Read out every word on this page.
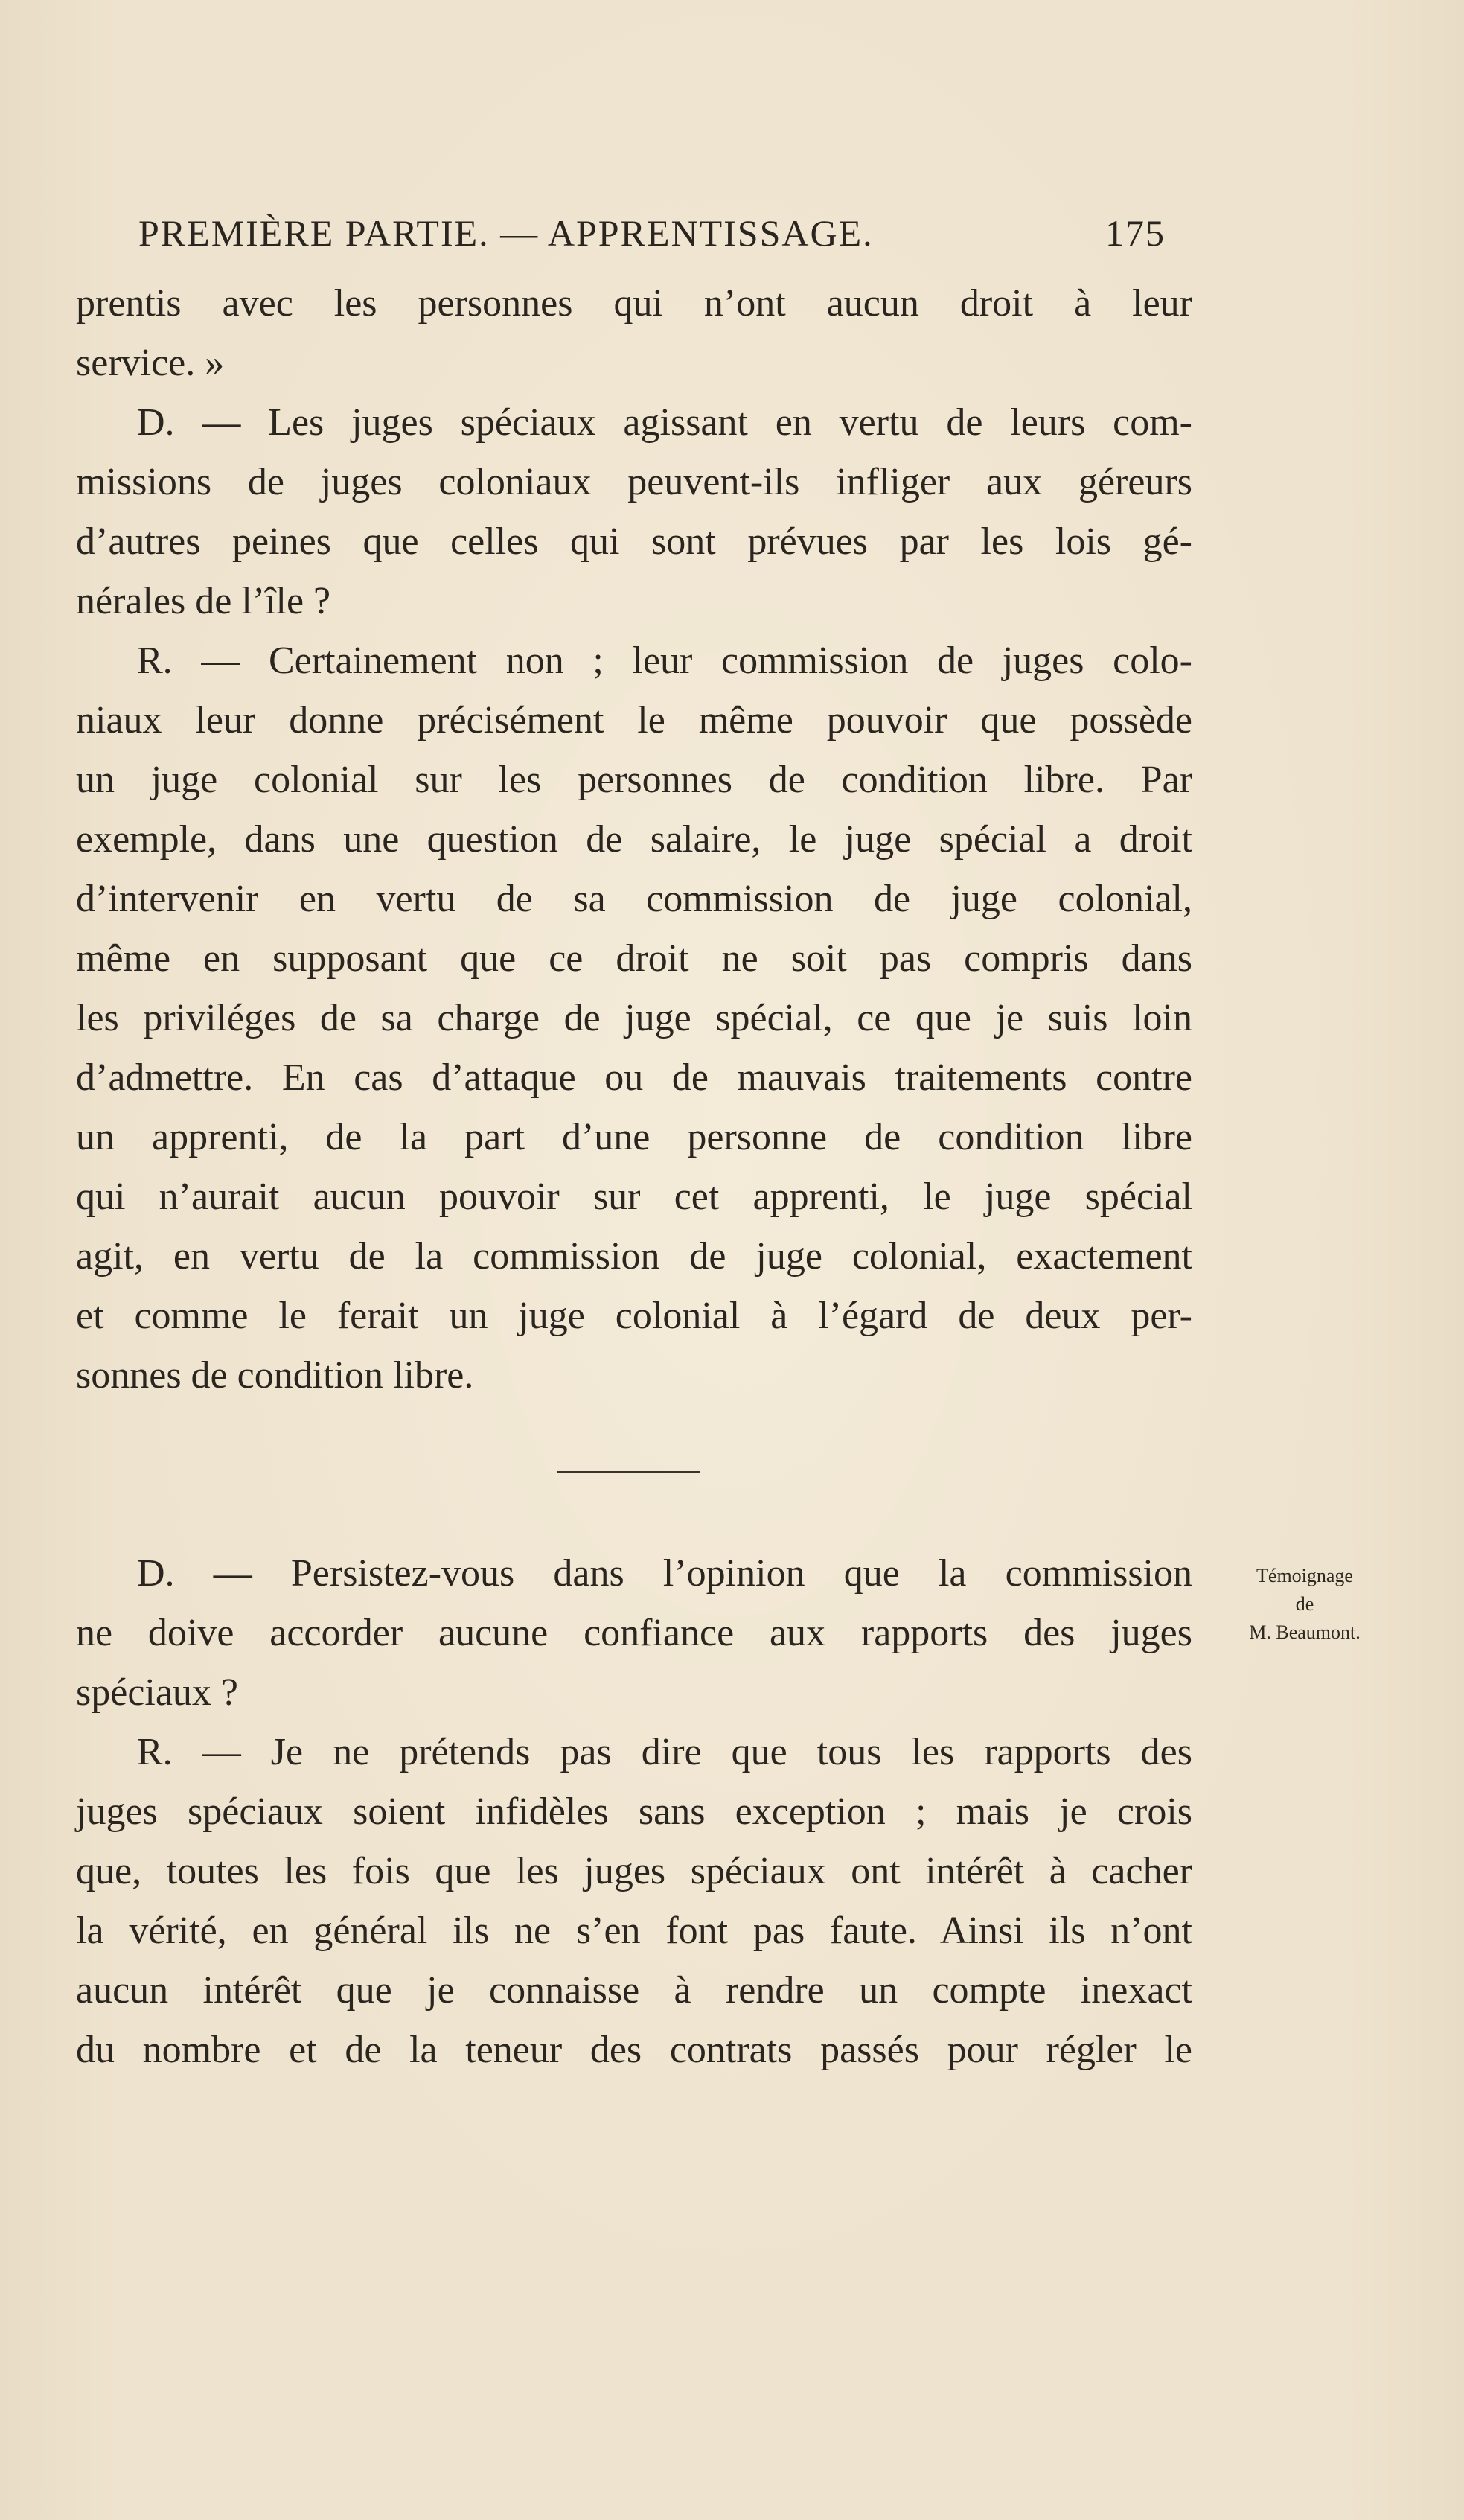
PREMIÈRE PARTIE. — APPRENTISSAGE.	175
prentis avec les personnes qui n’ont aucun droit à leur
service. »
D. — Les juges spéciaux agissant en vertu de leurs com-
missions de juges coloniaux peuvent-ils infliger aux géreurs
d’autres peines que celles qui sont prévues par les lois gé-
nérales de l’île ?
R. — Certainement non ; leur commission de juges colo-
niaux leur donne précisément le même pouvoir que possède
un juge colonial sur les personnes de condition libre. Par
exemple, dans une question de salaire, le juge spécial a droit
d’intervenir en vertu de sa commission de juge colonial,
même en supposant que ce droit ne soit pas compris dans
les priviléges de sa charge de juge spécial, ce que je suis loin
d’admettre. En cas d’attaque ou de mauvais traitements contre
un apprenti, de la part d’une personne de condition libre
qui n’aurait aucun pouvoir sur cet apprenti, le juge spécial
agit, en vertu de la commission de juge colonial, exactement
et comme le ferait un juge colonial à l’égard de deux per-
sonnes de condition libre.
D. — Persistez-vous dans l’opinion que la commission
ne doive accorder aucune confiance aux rapports des juges
spéciaux ?
R. — Je ne prétends pas dire que tous les rapports des
juges spéciaux soient infidèles sans exception ; mais je crois
que, toutes les fois que les juges spéciaux ont intérêt à cacher
la vérité, en général ils ne s’en font pas faute. Ainsi ils n’ont
aucun intérêt que je connaisse à rendre un compte inexact
du nombre et de la teneur des contrats passés pour régler le
Témoignage
de
M. Beaumont.
